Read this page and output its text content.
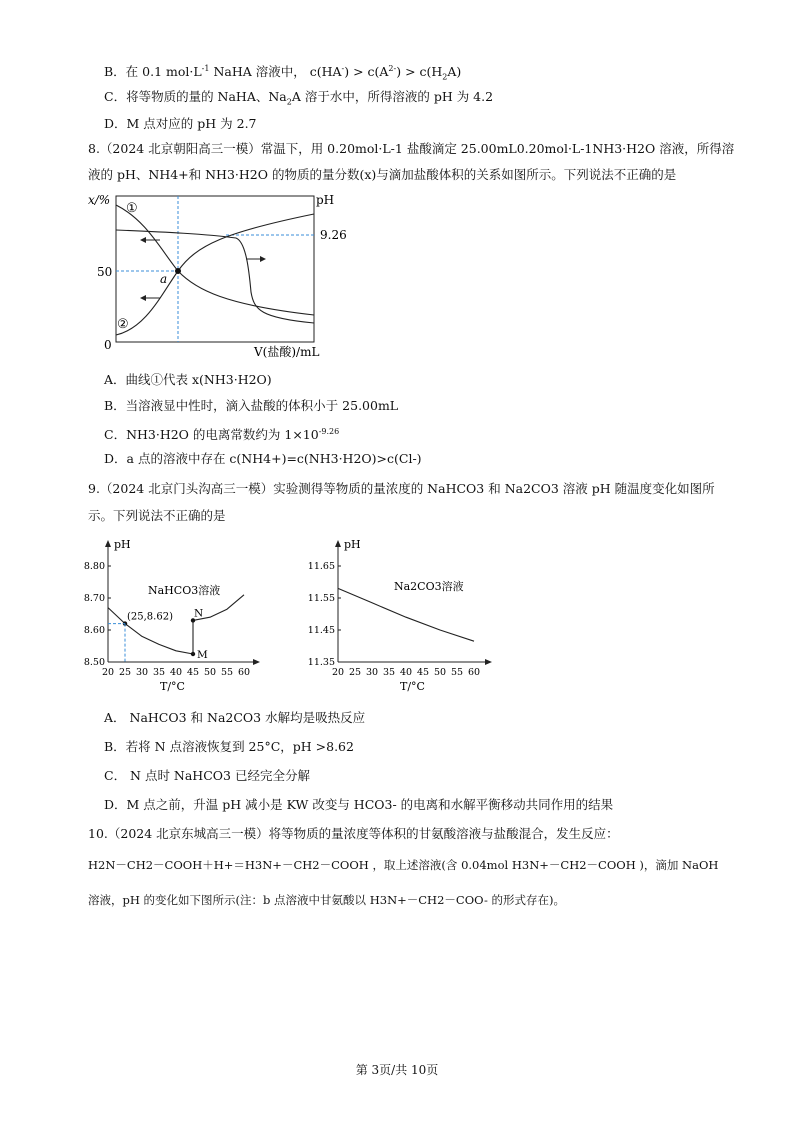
B．在 0.1 $mol\cdot L^{-1}$ NaHA 溶液中， $c(HA^-) > c(A^{2-}) > c(H_2A)$
C．将等物质的量的 NaHA、$Na_2A$ 溶于水中，所得溶液的 pH 为 4.2
D．M 点对应的 pH 为 2.7
8.（2024 北京朝阳高三一模）常温下，用 0.20mol·L-1 盐酸滴定 25.00mL0.20mol·L-1NH3·H2O 溶液，所得溶
液的 pH、NH4+和 NH3·H2O 的物质的量分数(x)与滴加盐酸体积的关系如图所示。下列说法不正确的是
x/%	pH
50
0	V(盐酸)/mL
9.26
a
①
②
A．曲线①代表 x(NH3·H2O)
B．当溶液显中性时，滴入盐酸的体积小于 25.00mL
C．NH3·H2O 的电离常数约为 $1\times 10^{-9.26}$
D．a 点的溶液中存在 c(NH4+)=c(NH3·H2O)>c(Cl-)
9.（2024 北京门头沟高三一模）实验测得等物质的量浓度的 NaHCO3 和 Na2CO3 溶液 pH 随温度变化如图所
示。下列说法不正确的是
pH
T/°C
NaHCO3溶液
8.80
8.70
8.60
8.50
20 25 30 35 40 45 50 55 60
(25,8.62) N
M
pH
T/°C
Na2CO3溶液
11.65
11.55
11.45
11.35
20 25 30 35 40 45 50 55 60
A． NaHCO3 和 Na2CO3 水解均是吸热反应
B．若将 N 点溶液恢复到 25°C，pH >8.62
C． N 点时 NaHCO3 已经完全分解
D．M 点之前，升温 pH 减小是 KW 改变与 HCO3- 的电离和水解平衡移动共同作用的结果
10.（2024 北京东城高三一模）将等物质的量浓度等体积的甘氨酸溶液与盐酸混合，发生反应：
H2N－CH2－COOH＋H+＝H3N+－CH2－COOH ，取上述溶液(含 0.04mol H3N+－CH2－COOH )，滴加 NaOH
溶液，pH 的变化如下图所示(注：b 点溶液中甘氨酸以 H3N+－CH2－COO- 的形式存在)。
第 3页/共 10页
